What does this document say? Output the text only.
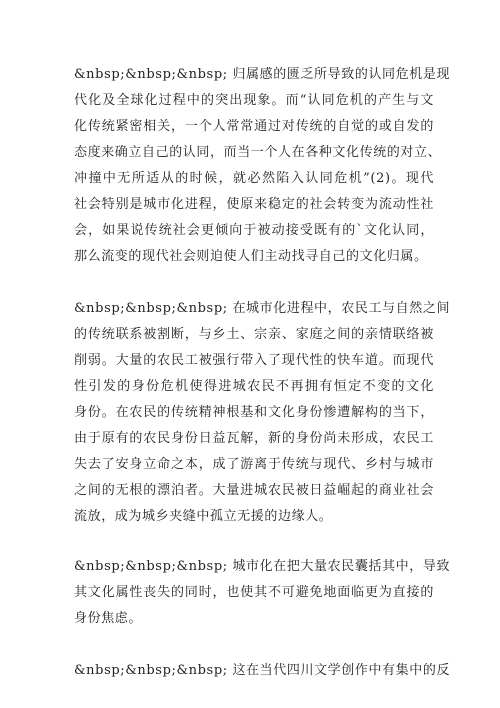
&nbsp;&nbsp;&nbsp; 归属感的匮乏所导致的认同危机是现
代化及全球化过程中的突出现象。而“认同危机的产生与文
化传统紧密相关，一个人常常通过对传统的自觉的或自发的
态度来确立自己的认同，而当一个人在各种文化传统的对立、
冲撞中无所适从的时候，就必然陷入认同危机”(2)。现代
社会特别是城市化进程，使原来稳定的社会转变为流动性社
会，如果说传统社会更倾向于被动接受既有的`文化认同，
那么流变的现代社会则迫使人们主动找寻自己的文化归属。
&nbsp;&nbsp;&nbsp; 在城市化进程中，农民工与自然之间
的传统联系被割断，与乡土、宗亲、家庭之间的亲情联络被
削弱。大量的农民工被强行带入了现代性的快车道。而现代
性引发的身份危机使得进城农民不再拥有恒定不变的文化
身份。在农民的传统精神根基和文化身份惨遭解构的当下，
由于原有的农民身份日益瓦解，新的身份尚未形成，农民工
失去了安身立命之本，成了游离于传统与现代、乡村与城市
之间的无根的漂泊者。大量进城农民被日益崛起的商业社会
流放，成为城乡夹缝中孤立无援的边缘人。
&nbsp;&nbsp;&nbsp; 城市化在把大量农民囊括其中，导致
其文化属性丧失的同时，也使其不可避免地面临更为直接的
身份焦虑。
&nbsp;&nbsp;&nbsp; 这在当代四川文学创作中有集中的反
